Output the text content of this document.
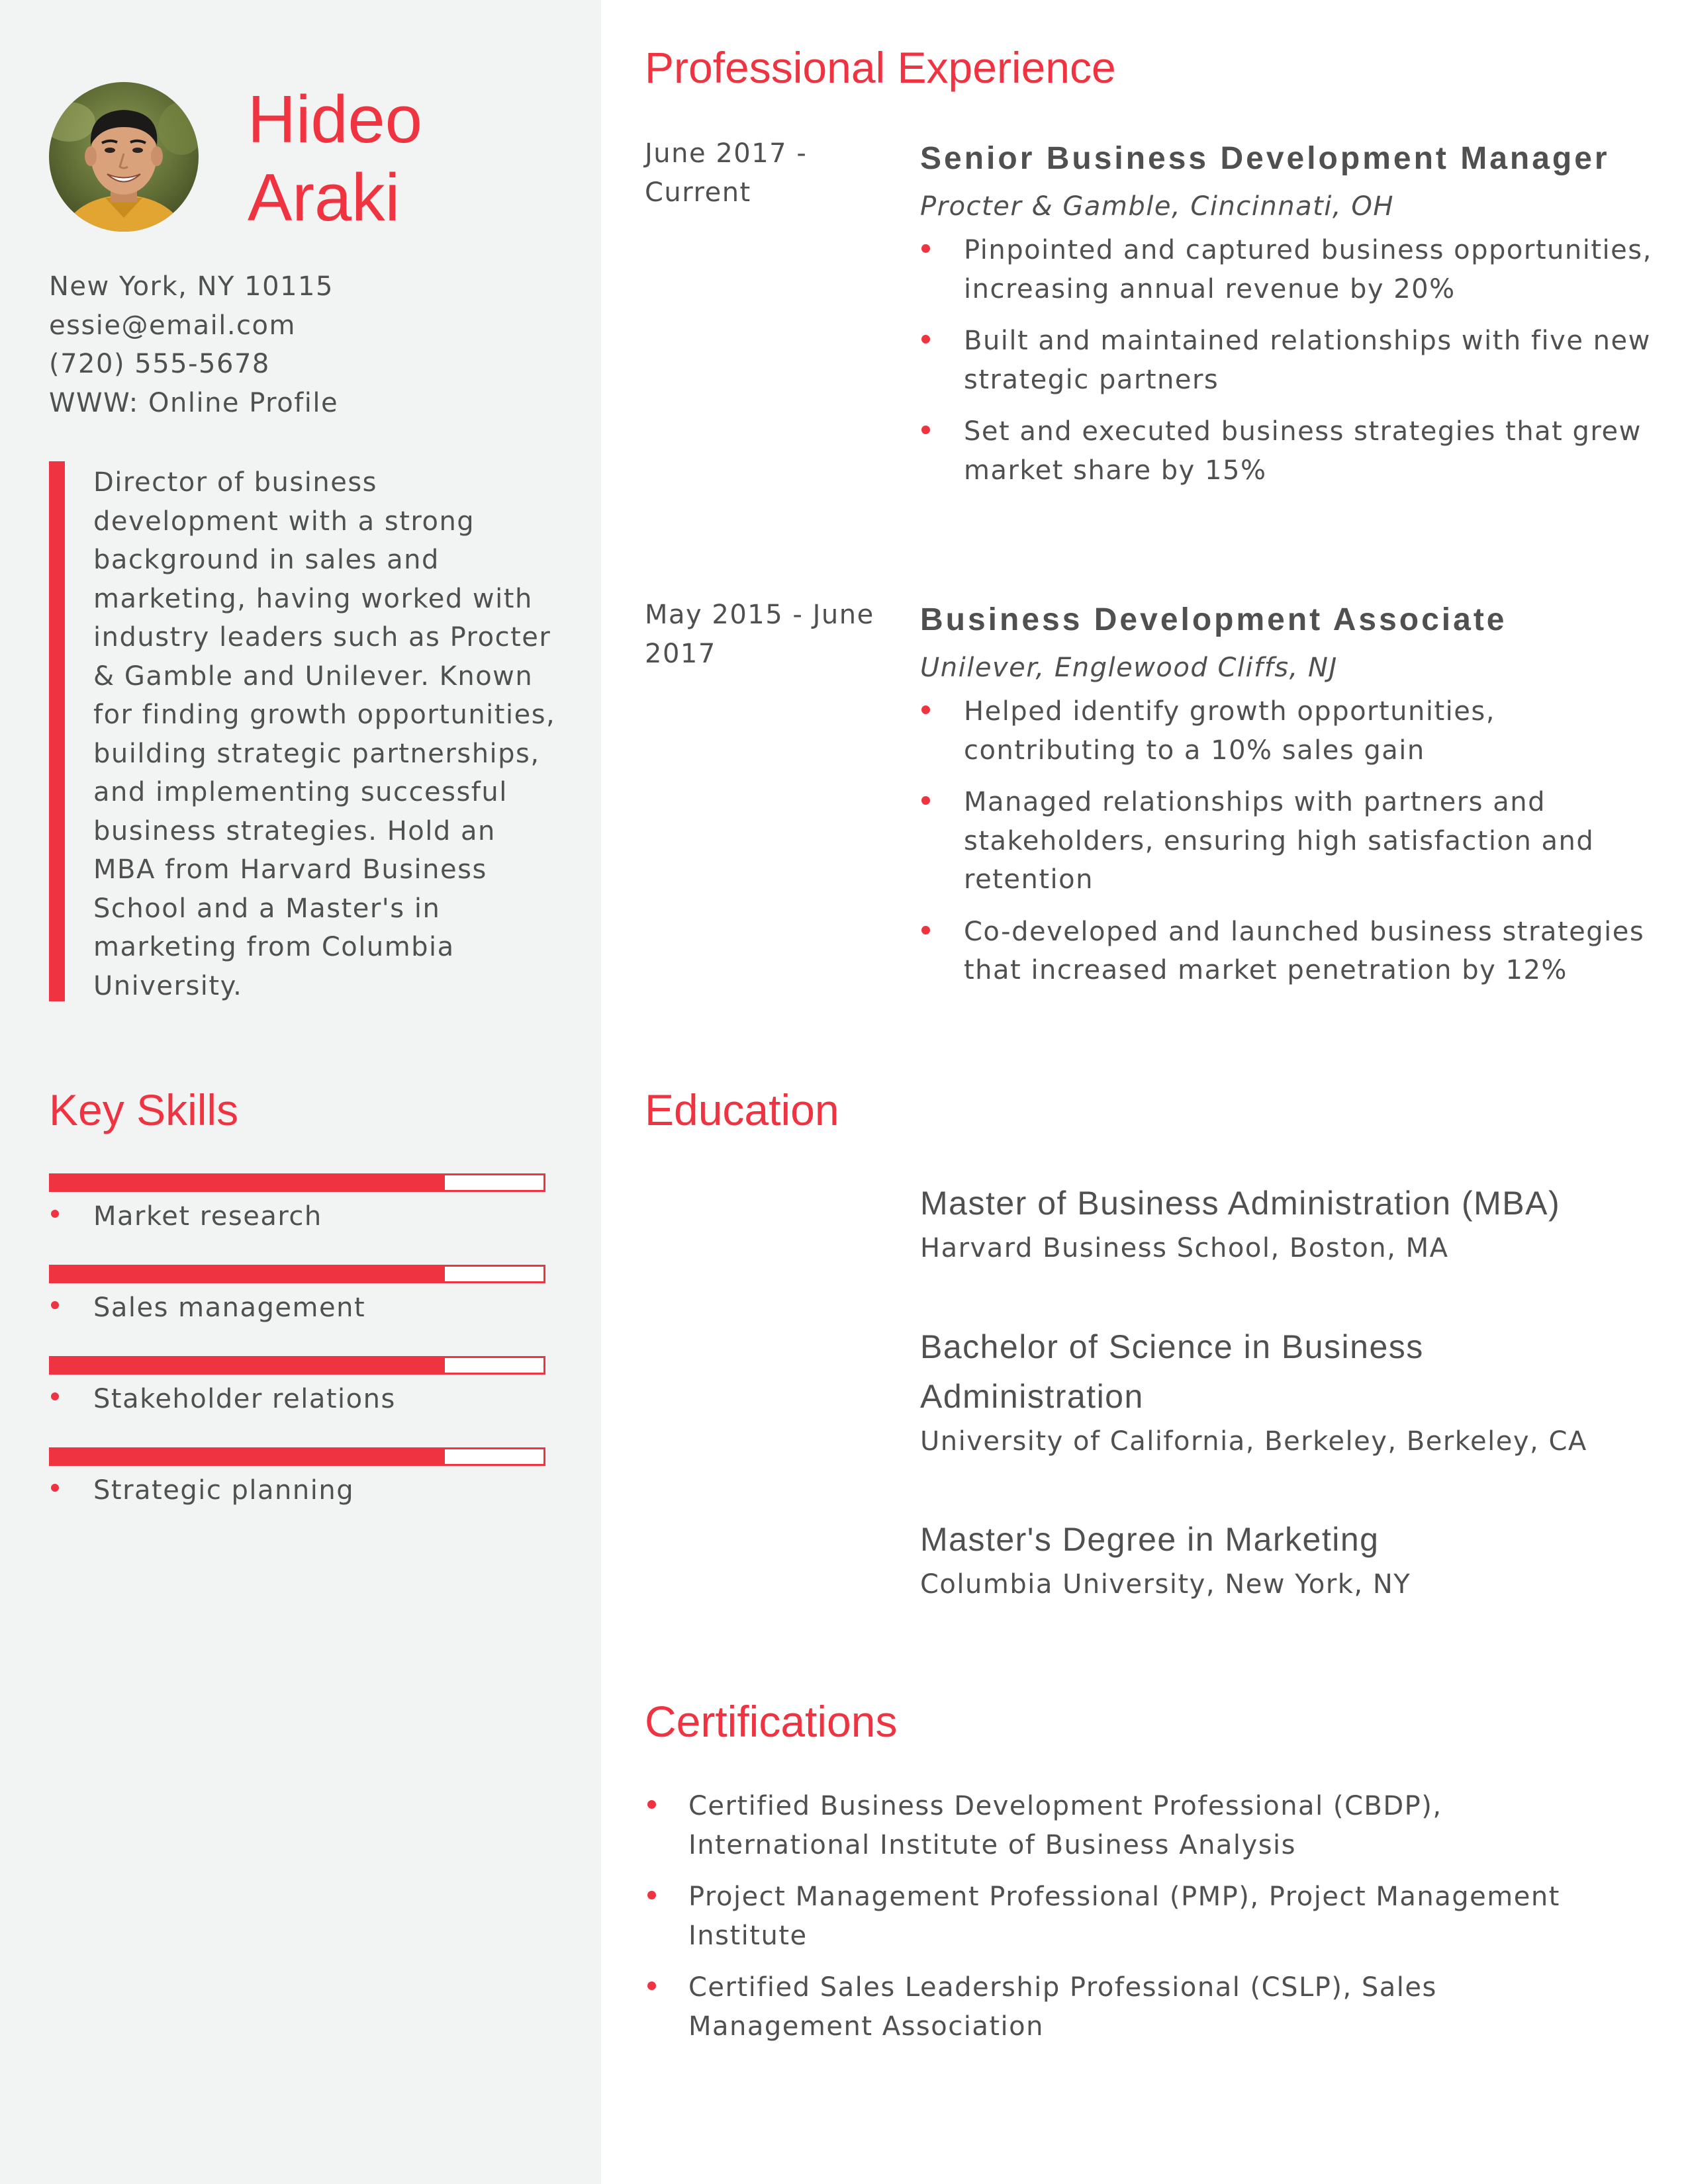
Hideo
Araki
New York, NY 10115
essie@email.com
(720) 555-5678
WWW: Online Profile

Director of business development with a strong background in sales and marketing, having worked with industry leaders such as Procter & Gamble and Unilever. Known for finding growth opportunities, building strategic partnerships, and implementing successful business strategies. Hold an MBA from Harvard Business School and a Master's in marketing from Columbia University.

Key Skills
Market research
Sales management
Stakeholder relations
Strategic planning
Professional Experience
June 2017 - Current
Senior Business Development Manager
Procter & Gamble, Cincinnati, OH
Pinpointed and captured business opportunities, increasing annual revenue by 20%
Built and maintained relationships with five new strategic partners
Set and executed business strategies that grew market share by 15%
May 2015 - June 2017
Business Development Associate
Unilever, Englewood Cliffs, NJ
Helped identify growth opportunities, contributing to a 10% sales gain
Managed relationships with partners and stakeholders, ensuring high satisfaction and retention
Co-developed and launched business strategies that increased market penetration by 12%
Education
Master of Business Administration (MBA)
Harvard Business School, Boston, MA
Bachelor of Science in Business Administration
University of California, Berkeley, Berkeley, CA
Master's Degree in Marketing
Columbia University, New York, NY
Certifications
Certified Business Development Professional (CBDP), International Institute of Business Analysis
Project Management Professional (PMP), Project Management Institute
Certified Sales Leadership Professional (CSLP), Sales Management Association
